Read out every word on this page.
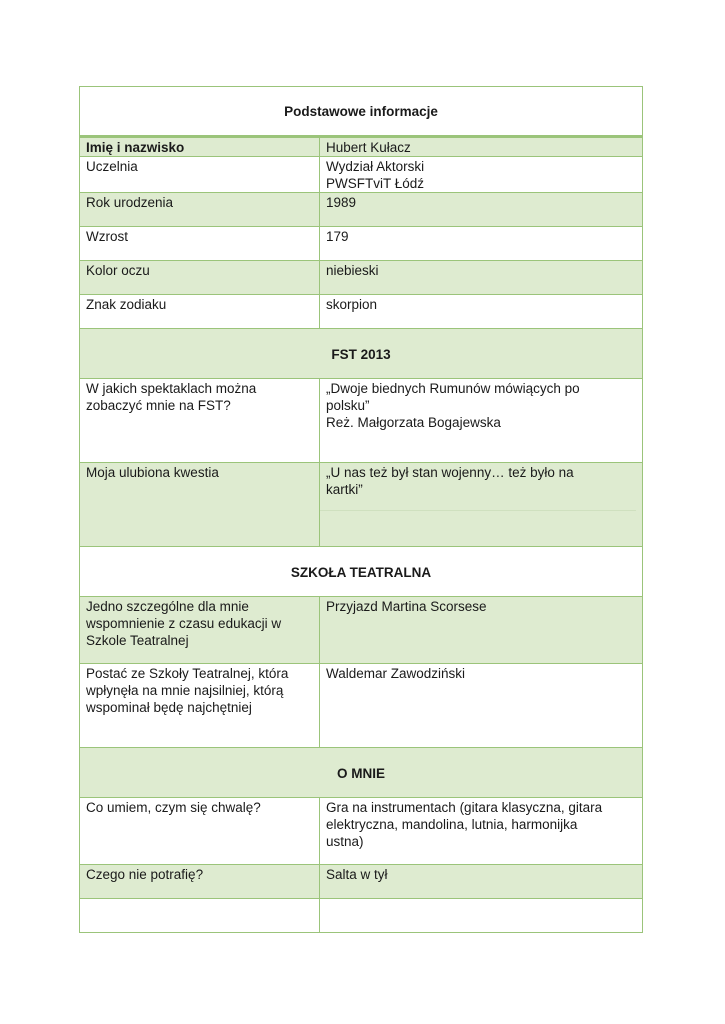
Podstawowe informacje	
Imię i nazwisko	Hubert Kułacz

Uczelnia	Wydział Aktorski
PWSFTviT Łódź

Rok urodzenia	1989

Wzrost	179

Kolor oczu	niebieski

Znak zodiaku	skorpion

FST 2013	

W jakich spektaklach można
zobaczyć mnie na FST?	„Dwoje biednych Rumunów mówiących po
polsku”
Reż. Małgorzata Bogajewska

Moja ulubiona kwestia	„U nas też był stan wojenny… też było na
kartki”

SZKOŁA TEATRALNA	

Jedno szczególne dla mnie
wspomnienie z czasu edukacji w
Szkole Teatralnej	Przyjazd Martina Scorsese

Postać ze Szkoły Teatralnej, która
wpłynęła na mnie najsilniej, którą
wspominał będę najchętniej	Waldemar Zawodziński

O MNIE	

Co umiem, czym się chwalę?	Gra na instrumentach (gitara klasyczna, gitara
elektryczna, mandolina, lutnia, harmonijka
ustna)

Czego nie potrafię?	Salta w tył
